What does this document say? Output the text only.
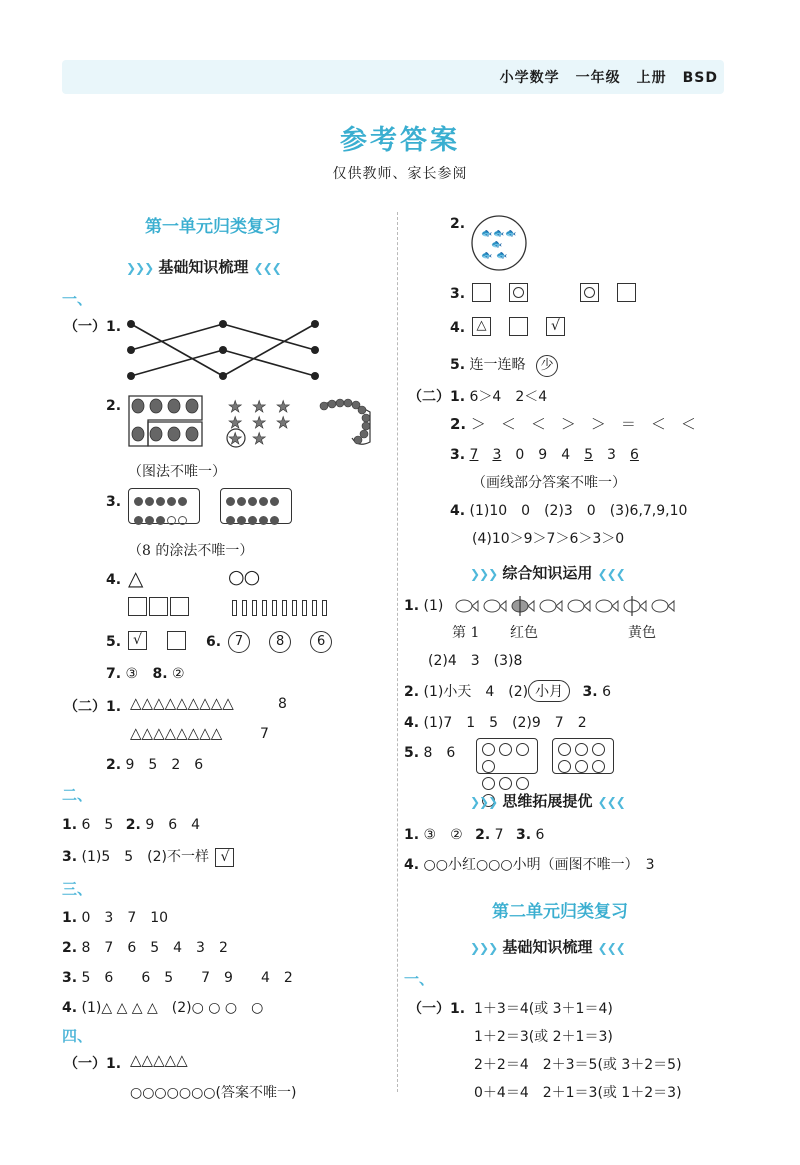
小学数学 一年级 上册 BSD
参考答案
仅供教师、家长参阅
第一单元归类复习
❯❯❯ 基础知识梳理 ❮❮❮
一、
（一）1.
2.	★ ★ ★
★ ★ ★
★ ★
（图法不唯一）
3.

（8 的涂法不唯一）
4. △	○○
5. √	6.	7	8	6
7. ③ 8. ②
（二）1. △△△△△△△△△	8
△△△△△△△△	7
2. 9　5　2　6
二、
1. 6　5 2. 9　6　4
3. (1)5　5　(2)不一样 √
三、
1. 0　3　7　10
2. 8　7　6　5　4　3　2
3. 5　6　　6　5　　7　9　　4　2
4. (1)△ △ △ △　(2)○ ○ ○　○
四、
（一）1. △△△△△
○○○○○○○(答案不唯一)
2.
🐟 🐟 🐟
🐟
🐟 🐟
3.
4. △	√
5. 连一连略 少
（二）1. 6＞4　2＜4
2. ＞　＜　＜　＞　＞　＝　＜　＜
3. 7　 3　 0　 9　 4　 5　 3　 6
（画线部分答案不唯一）
4. (1)10　0　(2)3　0　(3)6,7,9,10
(4)10＞9＞7＞6＞3＞0
❯❯❯ 综合知识运用 ❮❮❮
1. (1)
第 1 红色	黄色
(2)4　3　(3)8
2. (1)小天　4　(2) 小月 3. 6
4. (1)7　1　5　(2)9　7　2
5. 8　6

❯❯❯ 思维拓展提优 ❮❮❮
1. ③　② 2. 7 3. 6
4. ○○小红○○○小明（画图不唯一）　3
第二单元归类复习
❯❯❯ 基础知识梳理 ❮❮❮
一、
（一）1. 1＋3＝4(或 3＋1＝4)
1＋2＝3(或 2＋1＝3)
2＋2＝4　2＋3＝5(或 3＋2＝5)
0＋4＝4　2＋1＝3(或 1＋2＝3)
